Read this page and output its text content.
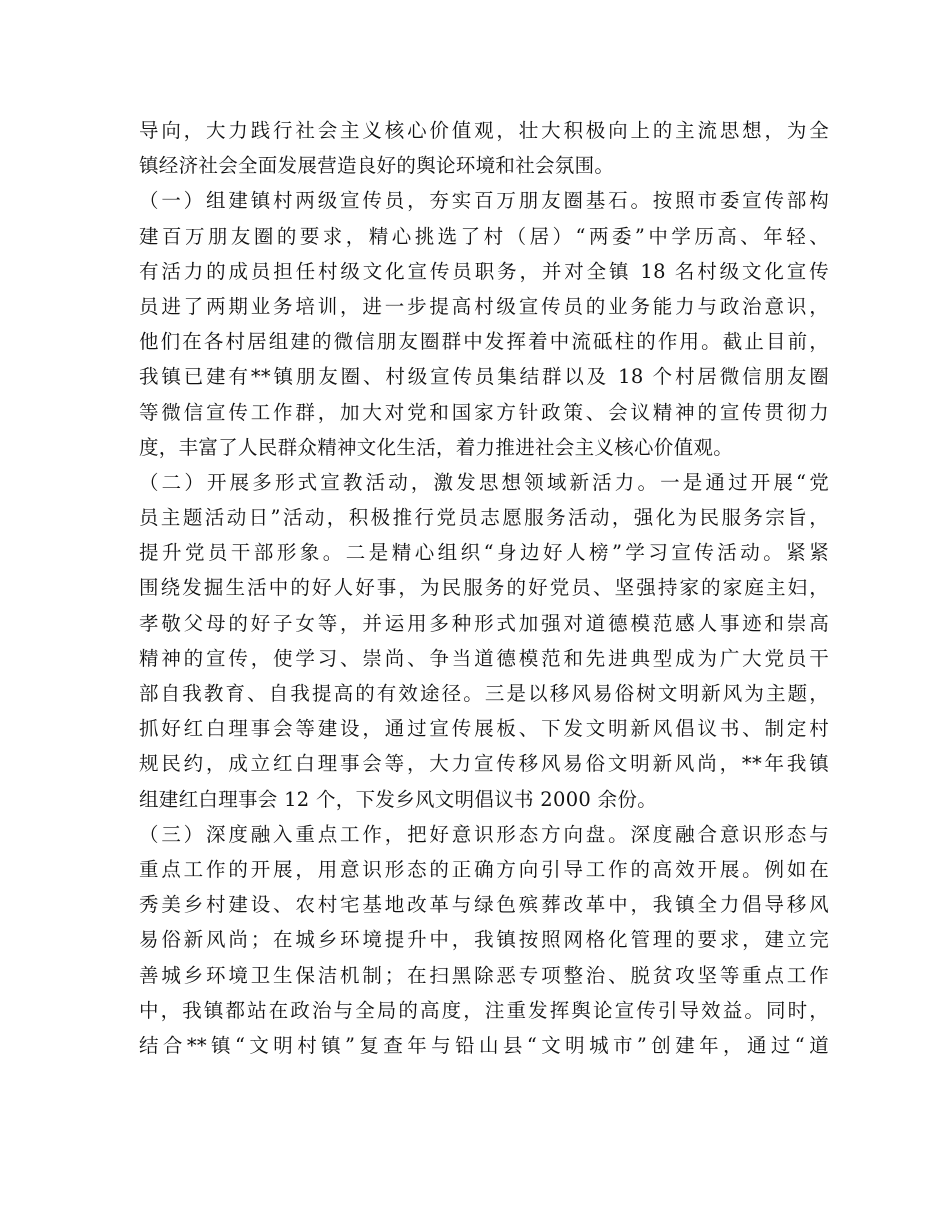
导向，大力践行社会主义核心价值观，壮大积极向上的主流思想，为全
镇经济社会全面发展营造良好的舆论环境和社会氛围。
（一）组建镇村两级宣传员，夯实百万朋友圈基石。按照市委宣传部构
建百万朋友圈的要求，精心挑选了村（居）“两委”中学历高、年轻、
有活力的成员担任村级文化宣传员职务，并对全镇 18 名村级文化宣传
员进了两期业务培训，进一步提高村级宣传员的业务能力与政治意识，
他们在各村居组建的微信朋友圈群中发挥着中流砥柱的作用。截止目前，
我镇已建有**镇朋友圈、村级宣传员集结群以及 18 个村居微信朋友圈
等微信宣传工作群，加大对党和国家方针政策、会议精神的宣传贯彻力
度，丰富了人民群众精神文化生活，着力推进社会主义核心价值观。
（二）开展多形式宣教活动，激发思想领域新活力。一是通过开展“党
员主题活动日”活动，积极推行党员志愿服务活动，强化为民服务宗旨，
提升党员干部形象。二是精心组织“身边好人榜”学习宣传活动。紧紧
围绕发掘生活中的好人好事，为民服务的好党员、坚强持家的家庭主妇，
孝敬父母的好子女等，并运用多种形式加强对道德模范感人事迹和崇高
精神的宣传，使学习、崇尚、争当道德模范和先进典型成为广大党员干
部自我教育、自我提高的有效途径。三是以移风易俗树文明新风为主题，
抓好红白理事会等建设，通过宣传展板、下发文明新风倡议书、制定村
规民约，成立红白理事会等，大力宣传移风易俗文明新风尚，**年我镇
组建红白理事会 12 个，下发乡风文明倡议书 2000 余份。
（三）深度融入重点工作，把好意识形态方向盘。深度融合意识形态与
重点工作的开展，用意识形态的正确方向引导工作的高效开展。例如在
秀美乡村建设、农村宅基地改革与绿色殡葬改革中，我镇全力倡导移风
易俗新风尚；在城乡环境提升中，我镇按照网格化管理的要求，建立完
善城乡环境卫生保洁机制；在扫黑除恶专项整治、脱贫攻坚等重点工作
中，我镇都站在政治与全局的高度，注重发挥舆论宣传引导效益。同时，
结合**镇“文明村镇”复查年与铅山县“文明城市”创建年，通过“道
